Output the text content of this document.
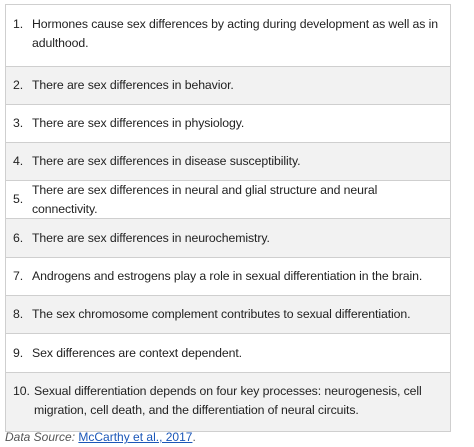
1. Hormones cause sex differences by acting during development as well as in adulthood.
2. There are sex differences in behavior.
3. There are sex differences in physiology.
4. There are sex differences in disease susceptibility.
5.
There are sex differences in neural and glial structure and neural connectivity.
6. There are sex differences in neurochemistry.
7. Androgens and estrogens play a role in sexual differentiation in the brain.
8. The sex chromosome complement contributes to sexual differentiation.
9. Sex differences are context dependent.
10. Sexual differentiation depends on four key processes: neurogenesis, cell migration, cell death, and the differentiation of neural circuits.
Data Source: McCarthy et al., 2017.
